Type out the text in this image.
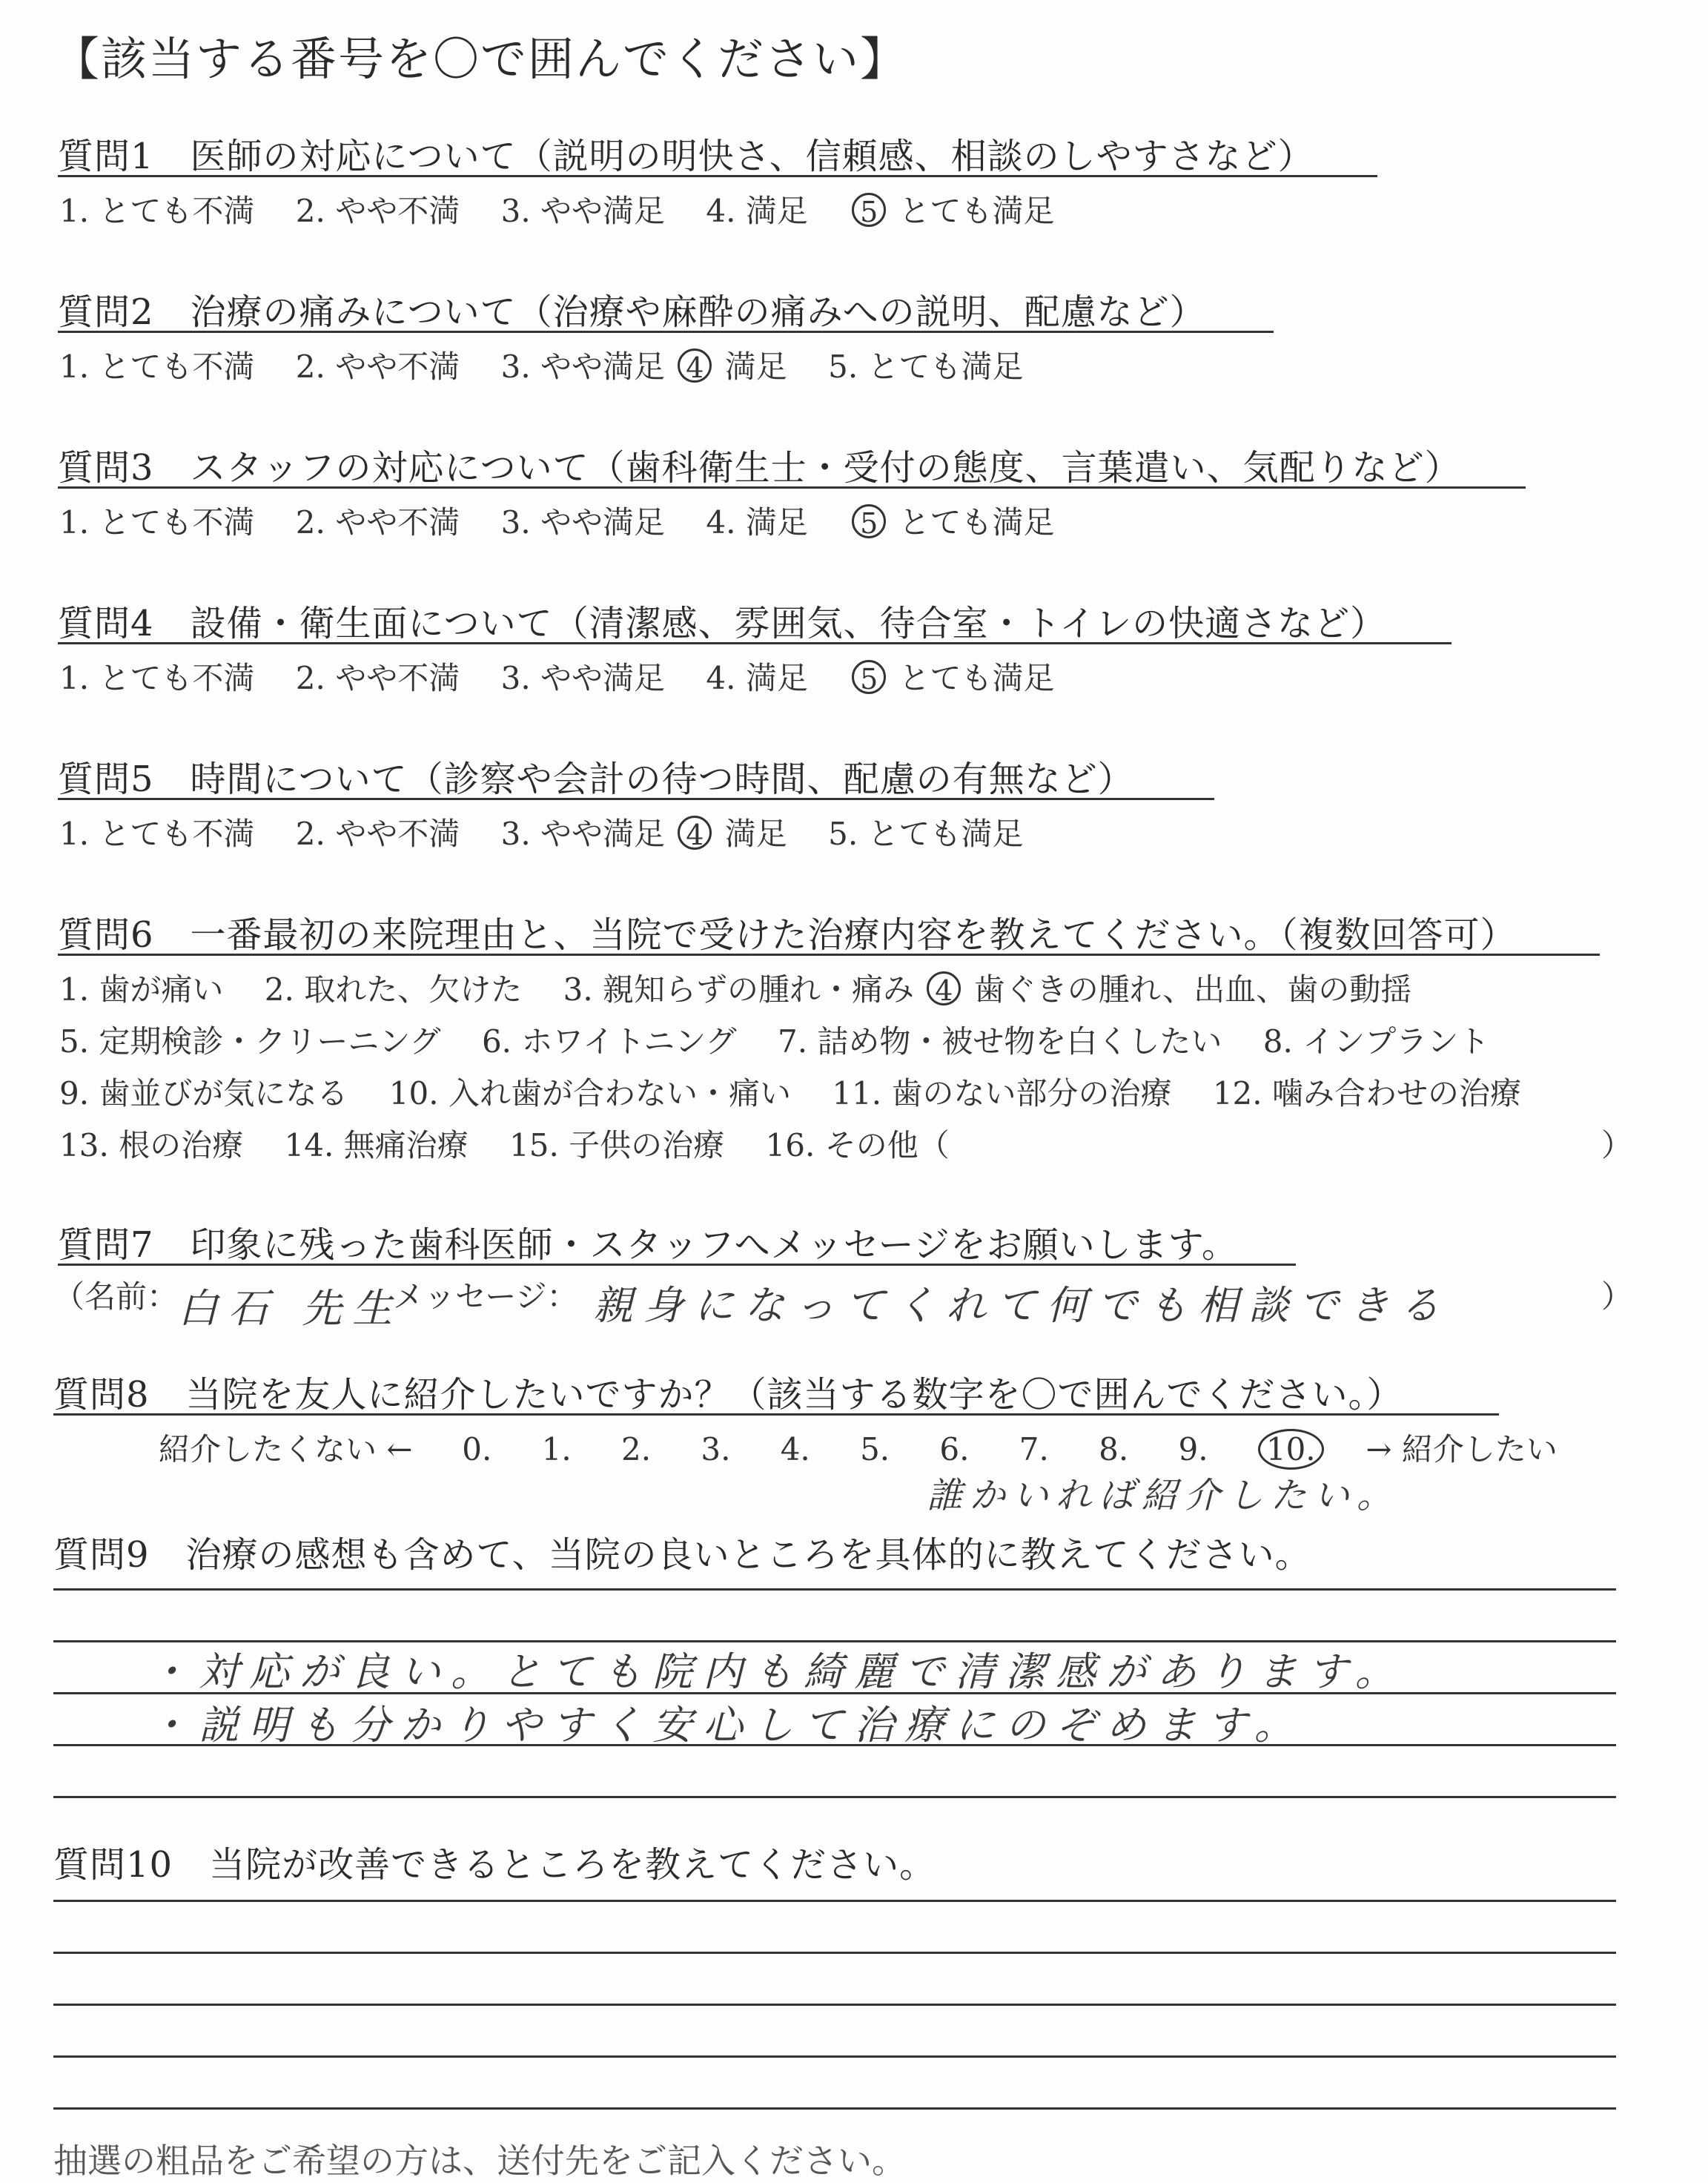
【該当する番号を〇で囲んでください】
質問1　医師の対応について（説明の明快さ、信頼感、相談のしやすさなど）
1. とても不満　 2. やや不満　 3. やや満足　 4. 満足　 5 とても満足
質問2　治療の痛みについて（治療や麻酔の痛みへの説明、配慮など）
1. とても不満　 2. やや不満　 3. やや満足 4 満足　 5. とても満足
質問3　スタッフの対応について（歯科衛生士・受付の態度、言葉遣い、気配りなど）
1. とても不満　 2. やや不満　 3. やや満足　 4. 満足　 5 とても満足
質問4　設備・衛生面について（清潔感、雰囲気、待合室・トイレの快適さなど）
1. とても不満　 2. やや不満　 3. やや満足　 4. 満足　 5 とても満足
質問5　時間について（診察や会計の待つ時間、配慮の有無など）
1. とても不満　 2. やや不満　 3. やや満足 4 満足　 5. とても満足
質問6　一番最初の来院理由と、当院で受けた治療内容を教えてください。（複数回答可）
1. 歯が痛い　 2. 取れた、欠けた　 3. 親知らずの腫れ・痛み 4 歯ぐきの腫れ、出血、歯の動揺
5. 定期検診・クリーニング　 6. ホワイトニング　 7. 詰め物・被せ物を白くしたい　 8. インプラント
9. 歯並びが気になる　 10. 入れ歯が合わない・痛い　 11. 歯のない部分の治療　 12. 噛み合わせの治療
13. 根の治療　 14. 無痛治療　 15. 子供の治療　 16. その他（	）
質問7　印象に残った歯科医師・スタッフへメッセージをお願いします。
（名前： 白石 先生
メッセージ： 親身になってくれて何でも相談できる	）
質問8　当院を友人に紹介したいですか？（該当する数字を〇で囲んでください。）
紹介したくない ← 0. 1. 2. 3. 4. 5. 6. 7. 8. 9. 10. → 紹介したい
誰かいれば紹介したい。
質問9　治療の感想も含めて、当院の良いところを具体的に教えてください。
・対応が良い。とても院内も綺麗で清潔感があります。
・説明も分かりやすく安心して治療にのぞめます。
質問10　当院が改善できるところを教えてください。
抽選の粗品をご希望の方は、送付先をご記入ください。
